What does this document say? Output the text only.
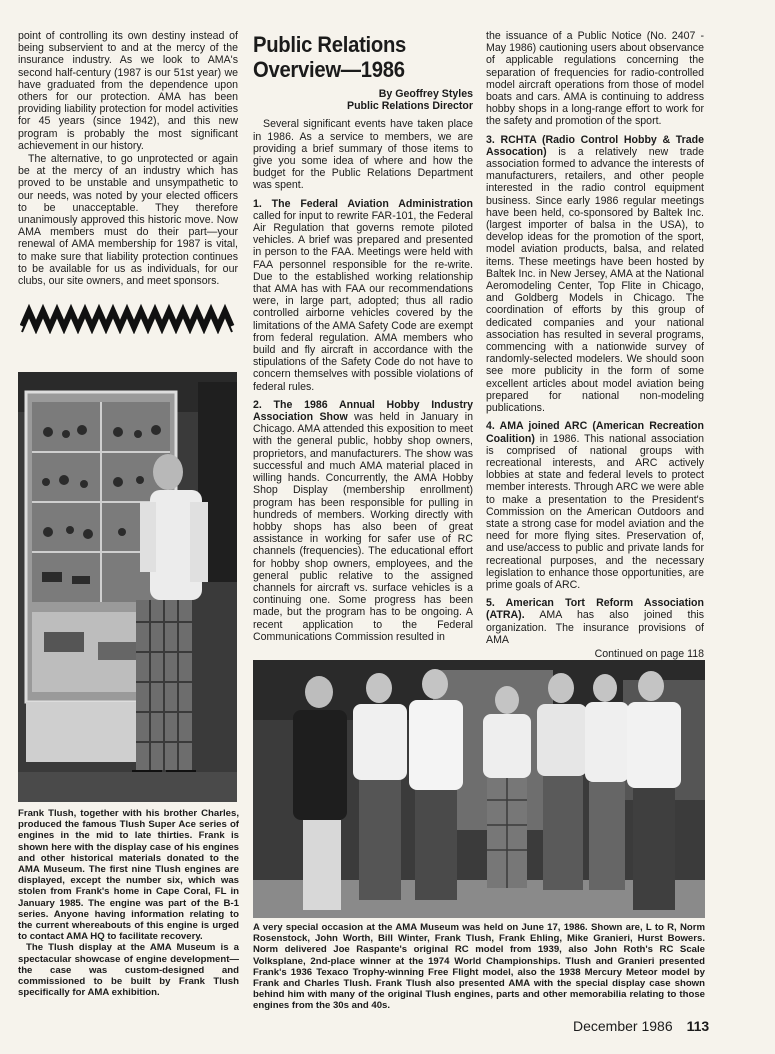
point of controlling its own destiny instead of being subservient to and at the mercy of the insurance industry. As we look to AMA's second half-century (1987 is our 51st year) we have graduated from the dependence upon others for our protection. AMA has been providing liability protection for model activities for 45 years (since 1942), and this new program is probably the most significant achievement in our history.

The alternative, to go unprotected or again be at the mercy of an industry which has proved to be unstable and unsympathetic to our needs, was noted by your elected officers to be unacceptable. They therefore unanimously approved this historic move. Now AMA members must do their part—your renewal of AMA membership for 1987 is vital, to make sure that liability protection continues to be available for us as individuals, for our clubs, our site owners, and meet sponsors.

Frank Tlush, together with his brother Charles, produced the famous Tlush Super Ace series of engines in the mid to late thirties. Frank is shown here with the display case of his engines and other historical materials donated to the AMA Museum. The first nine Tlush engines are displayed, except the number six, which was stolen from Frank's home in Cape Coral, FL in January 1985. The engine was part of the B-1 series. Anyone having information relating to the current whereabouts of this engine is urged to contact AMA HQ to facilitate recovery.

The Tlush display at the AMA Museum is a spectacular showcase of engine development—the case was custom-designed and commissioned to be built by Frank Tlush specifically for AMA exhibition.

Public Relations
Overview—1986
By Geoffrey Styles
Public Relations Director

Several significant events have taken place in 1986. As a service to members, we are providing a brief summary of those items to give you some idea of where and how the budget for the Public Relations Department was spent.

1. The Federal Aviation Administration called for input to rewrite FAR-101, the Federal Air Regulation that governs remote piloted vehicles. A brief was prepared and presented in person to the FAA. Meetings were held with FAA personnel responsible for the re-write. Due to the established working relationship that AMA has with FAA our recommendations were, in large part, adopted; thus all radio controlled airborne vehicles covered by the limitations of the AMA Safety Code are exempt from federal regulation. AMA members who build and fly aircraft in accordance with the stipulations of the Safety Code do not have to concern themselves with possible violations of federal rules.

2. The 1986 Annual Hobby Industry Association Show was held in January in Chicago. AMA attended this exposition to meet with the general public, hobby shop owners, proprietors, and manufacturers. The show was successful and much AMA material placed in willing hands. Concurrently, the AMA Hobby Shop Display (membership enrollment) program has been responsible for pulling in hundreds of members. Working directly with hobby shops has also been of great assistance in working for safer use of RC channels (frequencies). The educational effort for hobby shop owners, employees, and the general public relative to the assigned channels for aircraft vs. surface vehicles is a continuing one. Some progress has been made, but the program has to be ongoing. A recent application to the Federal Communications Commission resulted in

the issuance of a Public Notice (No. 2407 - May 1986) cautioning users about observance of applicable regulations concerning the separation of frequencies for radio-controlled model aircraft operations from those of model boats and cars. AMA is continuing to address hobby shops in a long-range effort to work for the safety and promotion of the sport.

3. RCHTA (Radio Control Hobby & Trade Assocation) is a relatively new trade association formed to advance the interests of manufacturers, retailers, and other people interested in the radio control equipment business. Since early 1986 regular meetings have been held, co-sponsored by Baltek Inc. (largest importer of balsa in the USA), to develop ideas for the promotion of the sport, model aviation products, balsa, and related items. These meetings have been hosted by Baltek Inc. in New Jersey, AMA at the National Aeromodeling Center, Top Flite in Chicago, and Goldberg Models in Chicago. The coordination of efforts by this group of dedicated companies and your national association has resulted in several programs, commencing with a nationwide survey of randomly-selected modelers. We should soon see more publicity in the form of some excellent articles about model aviation being prepared for national non-modeling publications.

4. AMA joined ARC (American Recreation Coalition) in 1986. This national association is comprised of national groups with recreational interests, and ARC actively lobbies at state and federal levels to protect member interests. Through ARC we were able to make a presentation to the President's Commission on the American Outdoors and state a strong case for model aviation and the need for more flying sites. Preservation of, and use/access to public and private lands for recreational purposes, and the necessary legislation to enhance those opportunities, are prime goals of ARC.

5. American Tort Reform Association (ATRA). AMA has also joined this organization. The insurance provisions of AMA

Continued on page 118
A very special occasion at the AMA Museum was held on June 17, 1986. Shown are, L to R, Norm Rosenstock, John Worth, Bill Winter, Frank Tlush, Frank Ehling, Mike Granieri, Hurst Bowers. Norm delivered Joe Raspante's original RC model from 1939, also John Roth's RC Scale Volksplane, 2nd-place winner at the 1974 World Championships. Tlush and Granieri presented Frank's 1936 Texaco Trophy-winning Free Flight model, also the 1938 Mercury Meteor model by Frank and Charles Tlush. Frank Tlush also presented AMA with the special display case shown behind him with many of the original Tlush engines, parts and other memorabilia relating to those engines from the 30s and 40s.
December 1986 113
